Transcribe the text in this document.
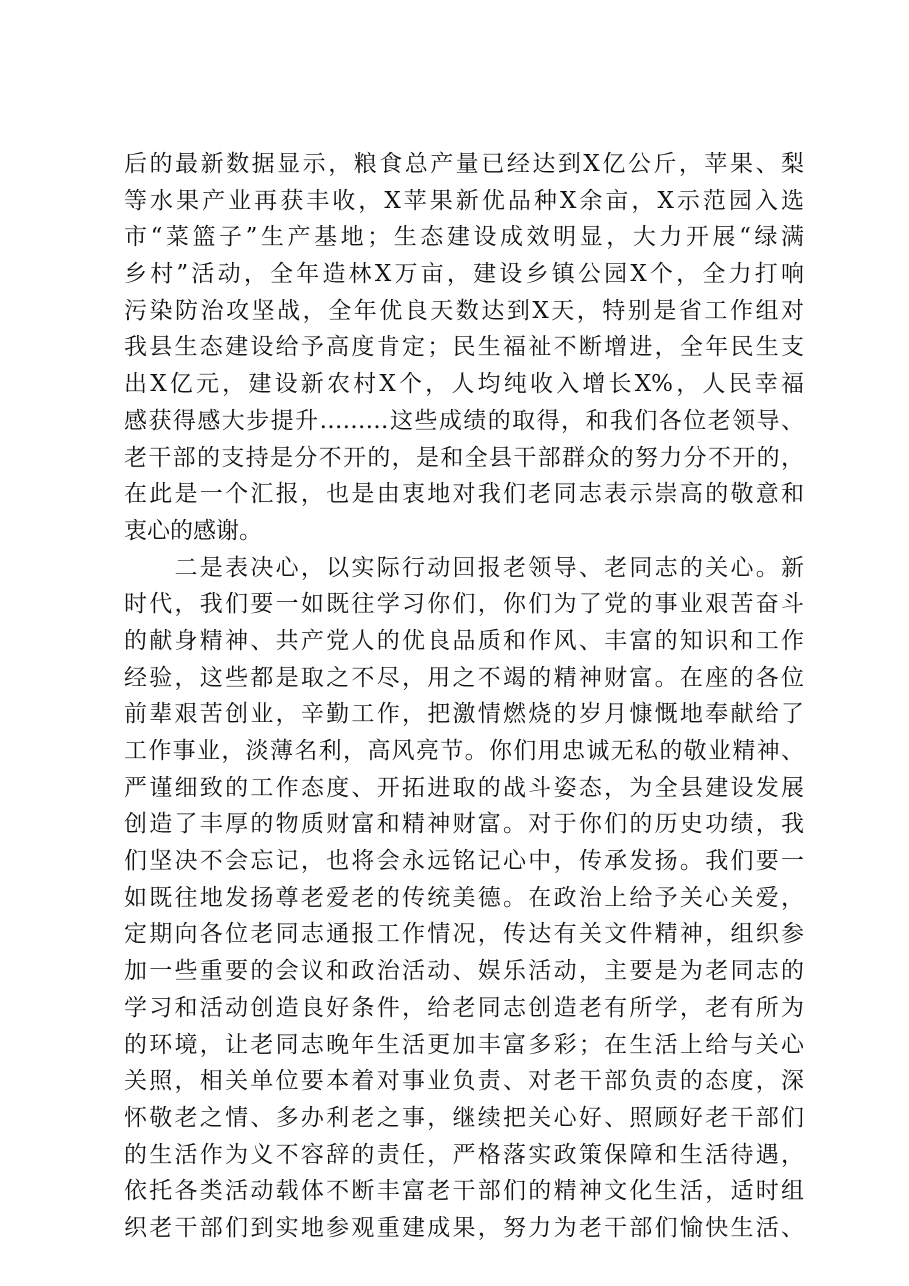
后的最新数据显示，粮食总产量已经达到X亿公斤，苹果、梨
等水果产业再获丰收，X苹果新优品种X余亩，X示范园入选
市“菜篮子”生产基地；生态建设成效明显，大力开展“绿满
乡村”活动，全年造林X万亩，建设乡镇公园X个，全力打响
污染防治攻坚战，全年优良天数达到X天，特别是省工作组对
我县生态建设给予高度肯定；民生福祉不断增进，全年民生支
出X亿元，建设新农村X个，人均纯收入增长X%，人民幸福
感获得感大步提升………这些成绩的取得，和我们各位老领导、
老干部的支持是分不开的，是和全县干部群众的努力分不开的，
在此是一个汇报，也是由衷地对我们老同志表示崇高的敬意和
衷心的感谢。
　　二是表决心，以实际行动回报老领导、老同志的关心。新
时代，我们要一如既往学习你们，你们为了党的事业艰苦奋斗
的献身精神、共产党人的优良品质和作风、丰富的知识和工作
经验，这些都是取之不尽，用之不竭的精神财富。在座的各位
前辈艰苦创业，辛勤工作，把激情燃烧的岁月慷慨地奉献给了
工作事业，淡薄名利，高风亮节。你们用忠诚无私的敬业精神、
严谨细致的工作态度、开拓进取的战斗姿态，为全县建设发展
创造了丰厚的物质财富和精神财富。对于你们的历史功绩，我
们坚决不会忘记，也将会永远铭记心中，传承发扬。我们要一
如既往地发扬尊老爱老的传统美德。在政治上给予关心关爱，
定期向各位老同志通报工作情况，传达有关文件精神，组织参
加一些重要的会议和政治活动、娱乐活动，主要是为老同志的
学习和活动创造良好条件，给老同志创造老有所学，老有所为
的环境，让老同志晚年生活更加丰富多彩；在生活上给与关心
关照，相关单位要本着对事业负责、对老干部负责的态度，深
怀敬老之情、多办利老之事，继续把关心好、照顾好老干部们
的生活作为义不容辞的责任，严格落实政策保障和生活待遇，
依托各类活动载体不断丰富老干部们的精神文化生活，适时组
织老干部们到实地参观重建成果，努力为老干部们愉快生活、
